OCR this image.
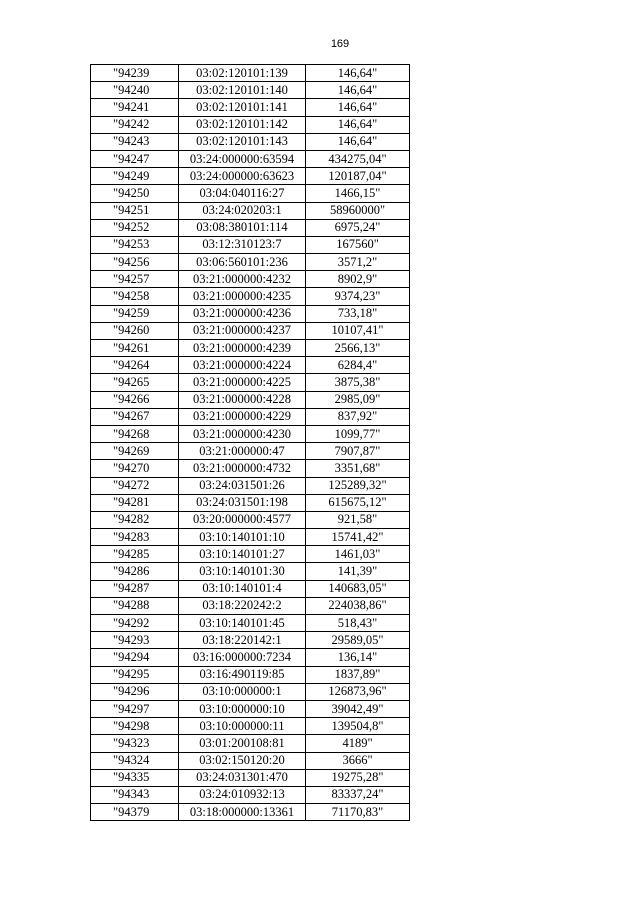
169
"94239	03:02:120101:139	146,64"
"94240	03:02:120101:140	146,64"
"94241	03:02:120101:141	146,64"
"94242	03:02:120101:142	146,64"
"94243	03:02:120101:143	146,64"
"94247	03:24:000000:63594	434275,04"
"94249	03:24:000000:63623	120187,04"
"94250	03:04:040116:27	1466,15"
"94251	03:24:020203:1	58960000"
"94252	03:08:380101:114	6975,24"
"94253	03:12:310123:7	167560"
"94256	03:06:560101:236	3571,2"
"94257	03:21:000000:4232	8902,9"
"94258	03:21:000000:4235	9374,23"
"94259	03:21:000000:4236	733,18"
"94260	03:21:000000:4237	10107,41"
"94261	03:21:000000:4239	2566,13"
"94264	03:21:000000:4224	6284,4"
"94265	03:21:000000:4225	3875,38"
"94266	03:21:000000:4228	2985,09"
"94267	03:21:000000:4229	837,92"
"94268	03:21:000000:4230	1099,77"
"94269	03:21:000000:47	7907,87"
"94270	03:21:000000:4732	3351,68"
"94272	03:24:031501:26	125289,32"
"94281	03:24:031501:198	615675,12"
"94282	03:20:000000:4577	921,58"
"94283	03:10:140101:10	15741,42"
"94285	03:10:140101:27	1461,03"
"94286	03:10:140101:30	141,39"
"94287	03:10:140101:4	140683,05"
"94288	03:18:220242:2	224038,86"
"94292	03:10:140101:45	518,43"
"94293	03:18:220142:1	29589,05"
"94294	03:16:000000:7234	136,14"
"94295	03:16:490119:85	1837,89"
"94296	03:10:000000:1	126873,96"
"94297	03:10:000000:10	39042,49"
"94298	03:10:000000:11	139504,8"
"94323	03:01:200108:81	4189"
"94324	03:02:150120:20	3666"
"94335	03:24:031301:470	19275,28"
"94343	03:24:010932:13	83337,24"
"94379	03:18:000000:13361	71170,83"
